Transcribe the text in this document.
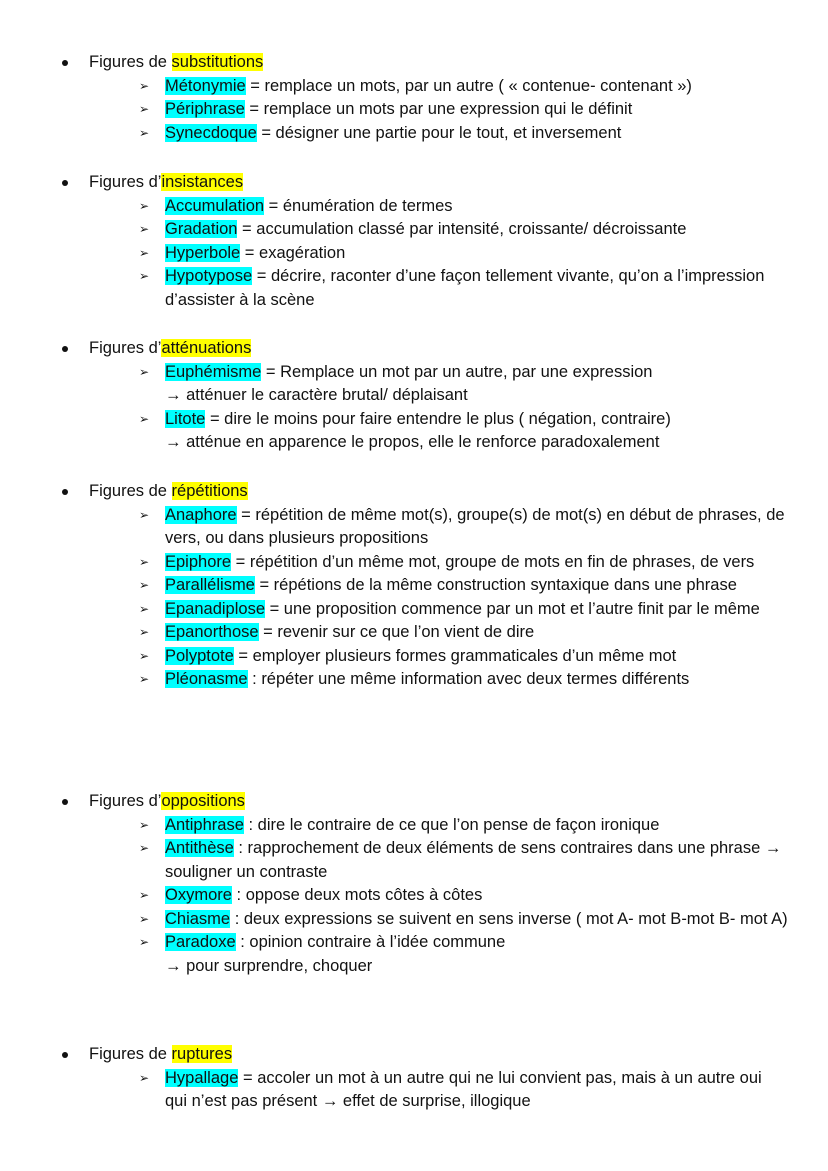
Figures de substitutions
➢ Métonymie = remplace un mots, par un autre ( « contenue- contenant »)
➢ Périphrase = remplace un mots par une expression qui le définit
➢ Synecdoque = désigner une partie pour le tout, et inversement
Figures d’insistances
➢ Accumulation = énumération de termes
➢ Gradation = accumulation classé par intensité, croissante/ décroissante
➢ Hyperbole = exagération
➢ Hypotypose = décrire, raconter d’une façon tellement vivante, qu’on a l’impression d’assister à la scène
Figures d’atténuations
➢ Euphémisme = Remplace un mot par un autre, par une expression
→ atténuer le caractère brutal/ déplaisant
➢ Litote = dire le moins pour faire entendre le plus ( négation, contraire)
→ atténue en apparence le propos, elle le renforce paradoxalement
Figures de répétitions
➢ Anaphore = répétition de même mot(s), groupe(s) de mot(s) en début de phrases, de vers, ou dans plusieurs propositions
➢ Epiphore = répétition d’un même mot, groupe de mots en fin de phrases, de vers
➢ Parallélisme = répétions de la même construction syntaxique dans une phrase
➢ Epanadiplose = une proposition commence par un mot et l’autre finit par le même
➢ Epanorthose = revenir sur ce que l’on vient de dire
➢ Polyptote = employer plusieurs formes grammaticales d’un même mot
➢ Pléonasme : répéter une même information avec deux termes différents
Figures d’oppositions
➢ Antiphrase : dire le contraire de ce que l’on pense de façon ironique
➢ Antithèse : rapprochement de deux éléments de sens contraires dans une phrase → souligner un contraste
➢ Oxymore : oppose deux mots côtes à côtes
➢ Chiasme : deux expressions se suivent en sens inverse ( mot A- mot B-mot B- mot A)
➢ Paradoxe : opinion contraire à l’idée commune
→ pour surprendre, choquer
Figures de ruptures
➢ Hypallage = accoler un mot à un autre qui ne lui convient pas, mais à un autre oui qui n’est pas présent → effet de surprise, illogique
